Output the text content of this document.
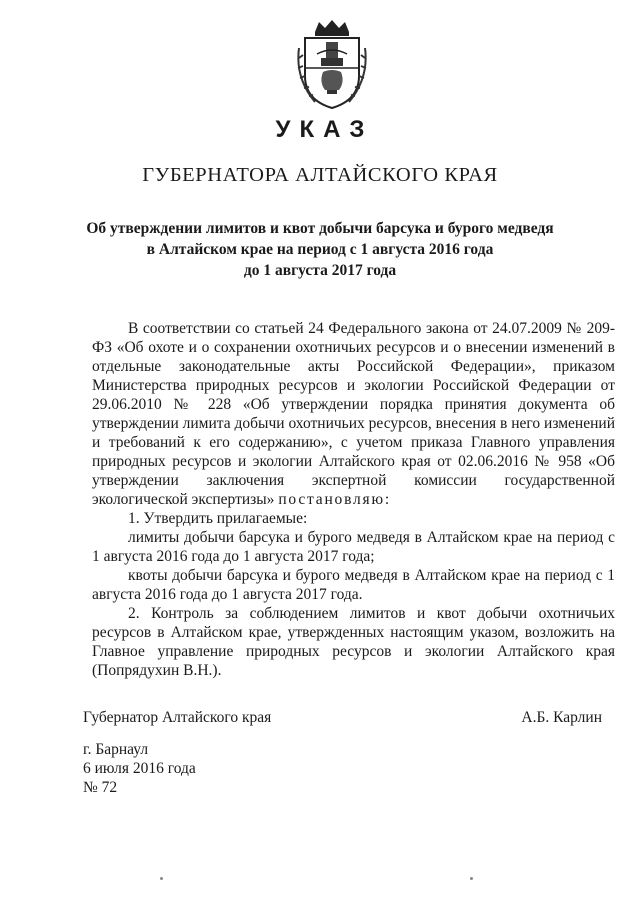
УКАЗ
ГУБЕРНАТОРА АЛТАЙСКОГО КРАЯ
Об утверждении лимитов и квот добычи барсука и бурого медведя
в Алтайском крае на период с 1 августа 2016 года
до 1 августа 2017 года
В соответствии со статьей 24 Федерального закона от 24.07.2009 № 209-ФЗ «Об охоте и о сохранении охотничьих ресурсов и о внесении изменений в отдельные законодательные акты Российской Федерации», приказом Министерства природных ресурсов и экологии Российской Федерации от 29.06.2010 № 228 «Об утверждении порядка принятия документа об утверждении лимита добычи охотничьих ресурсов, внесения в него изменений и требований к его содержанию», с учетом приказа Главного управления природных ресурсов и экологии Алтайского края от 02.06.2016 № 958 «Об утверждении заключения экспертной комиссии государственной экологической экспертизы» постановляю:
1. Утвердить прилагаемые:
лимиты добычи барсука и бурого медведя в Алтайском крае на период с 1 августа 2016 года до 1 августа 2017 года;
квоты добычи барсука и бурого медведя в Алтайском крае на период с 1 августа 2016 года до 1 августа 2017 года.
2. Контроль за соблюдением лимитов и квот добычи охотничьих ресурсов в Алтайском крае, утвержденных настоящим указом, возложить на Главное управление природных ресурсов и экологии Алтайского края (Попрядухин В.Н.).
Губернатор Алтайского края	А.Б. Карлин
г. Барнаул
6 июля 2016 года
№ 72
